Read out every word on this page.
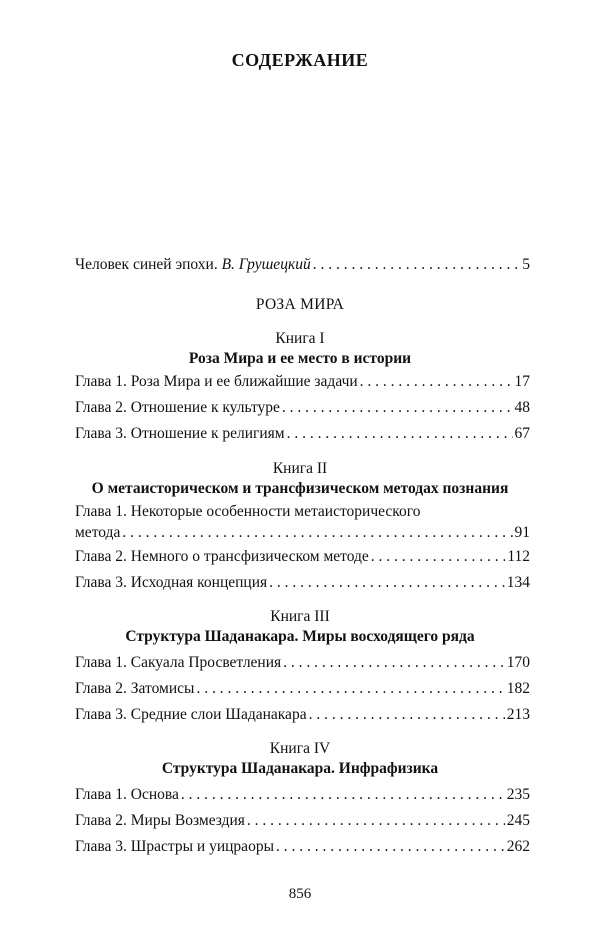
СОДЕРЖАНИЕ
Человек синей эпохи. В. Грушецкий . . .	5
РОЗА МИРА
Книга I
Роза Мира и ее место в истории
Глава 1. Роза Мира и ее ближайшие задачи . . .	17
Глава 2. Отношение к культуре . . .	48
Глава 3. Отношение к религиям . . .	67
Книга II
О метаисторическом и трансфизическом методах познания
Глава 1. Некоторые особенности метаисторического
метода . . .	91
Глава 2. Немного о трансфизическом методе . . .	112
Глава 3. Исходная концепция . . .	134
Книга III
Структура Шаданакара. Миры восходящего ряда
Глава 1. Сакуала Просветления . . .	170
Глава 2. Затомисы . . .	182
Глава 3. Средние слои Шаданакара . . .	213
Книга IV
Структура Шаданакара. Инфрафизика
Глава 1. Основа . . .	235
Глава 2. Миры Возмездия . . .	245
Глава 3. Шрастры и уицраоры . . .	262
856
